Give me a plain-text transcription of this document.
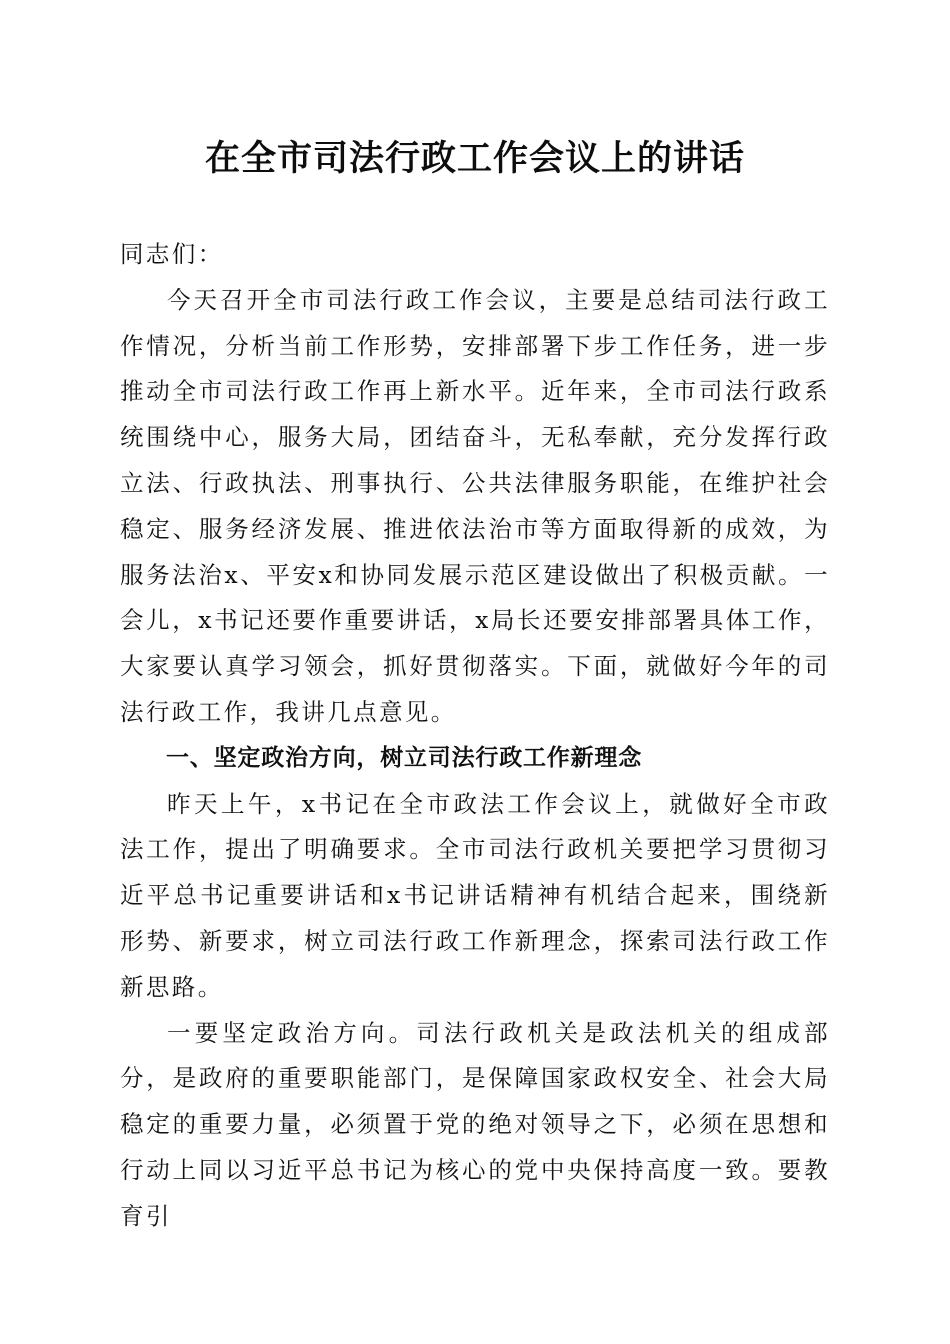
在全市司法行政工作会议上的讲话

同志们：

今天召开全市司法行政工作会议，主要是总结司法行政工作情况，分析当前工作形势，安排部署下步工作任务，进一步推动全市司法行政工作再上新水平。近年来，全市司法行政系统围绕中心，服务大局，团结奋斗，无私奉献，充分发挥行政立法、行政执法、刑事执行、公共法律服务职能，在维护社会稳定、服务经济发展、推进依法治市等方面取得新的成效，为服务法治x、平安x和协同发展示范区建设做出了积极贡献。一会儿，x书记还要作重要讲话，x局长还要安排部署具体工作，大家要认真学习领会，抓好贯彻落实。下面，就做好今年的司法行政工作，我讲几点意见。

一、坚定政治方向，树立司法行政工作新理念

昨天上午，x书记在全市政法工作会议上，就做好全市政法工作，提出了明确要求。全市司法行政机关要把学习贯彻习近平总书记重要讲话和x书记讲话精神有机结合起来，围绕新形势、新要求，树立司法行政工作新理念，探索司法行政工作新思路。

一要坚定政治方向。司法行政机关是政法机关的组成部分，是政府的重要职能部门，是保障国家政权安全、社会大局稳定的重要力量，必须置于党的绝对领导之下，必须在思想和行动上同以习近平总书记为核心的党中央保持高度一致。要教育引
